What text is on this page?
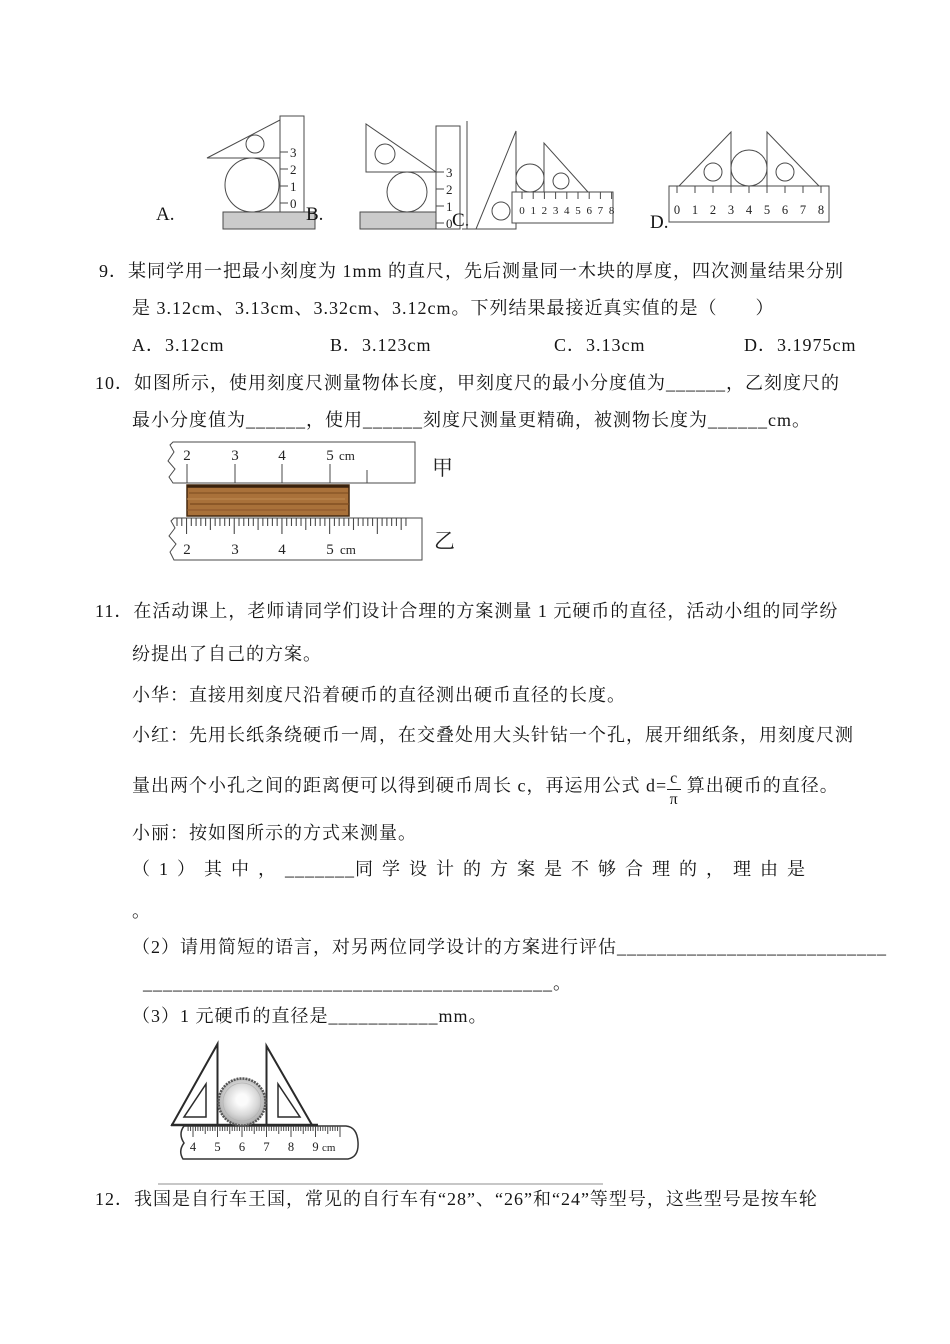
A.
3
2
1
0
B.
3
2
1
0 C.	0 1 2 3 4 5 6 7 8
D.
0 1 2 3 4 5 6 7 8
9．某同学用一把最小刻度为 1mm 的直尺，先后测量同一木块的厚度，四次测量结果分别
是 3.12cm、3.13cm、3.32cm、3.12cm。下列结果最接近真实值的是（　　）
A．3.12cm	B．3.123cm	C．3.13cm	D．3.1975cm
10．如图所示，使用刻度尺测量物体长度，甲刻度尺的最小分度值为______，乙刻度尺的
最小分度值为______，使用______刻度尺测量更精确，被测物长度为______cm。
2	3	4	5 cm
2	3	4	5 cm
甲
乙
11．在活动课上，老师请同学们设计合理的方案测量 1 元硬币的直径，活动小组的同学纷
纷提出了自己的方案。
小华：直接用刻度尺沿着硬币的直径测出硬币直径的长度。
小红：先用长纸条绕硬币一周，在交叠处用大头针钻一个孔，展开细纸条，用刻度尺测
量出两个小孔之间的距离便可以得到硬币周长 c，再运用公式 $d= \frac{c}{\pi}$ 算出硬币的直径。
小丽：按如图所示的方式来测量。
（1）其中，_______同学设计的方案是不够合理的，理由是
。
（2）请用简短的语言，对另两位同学设计的方案进行评估___________________________
_________________________________________。
（3）1 元硬币的直径是___________mm。
4 5 6 7 8 9 cm
12．我国是自行车王国，常见的自行车有“28”、“26”和“24”等型号，这些型号是按车轮
